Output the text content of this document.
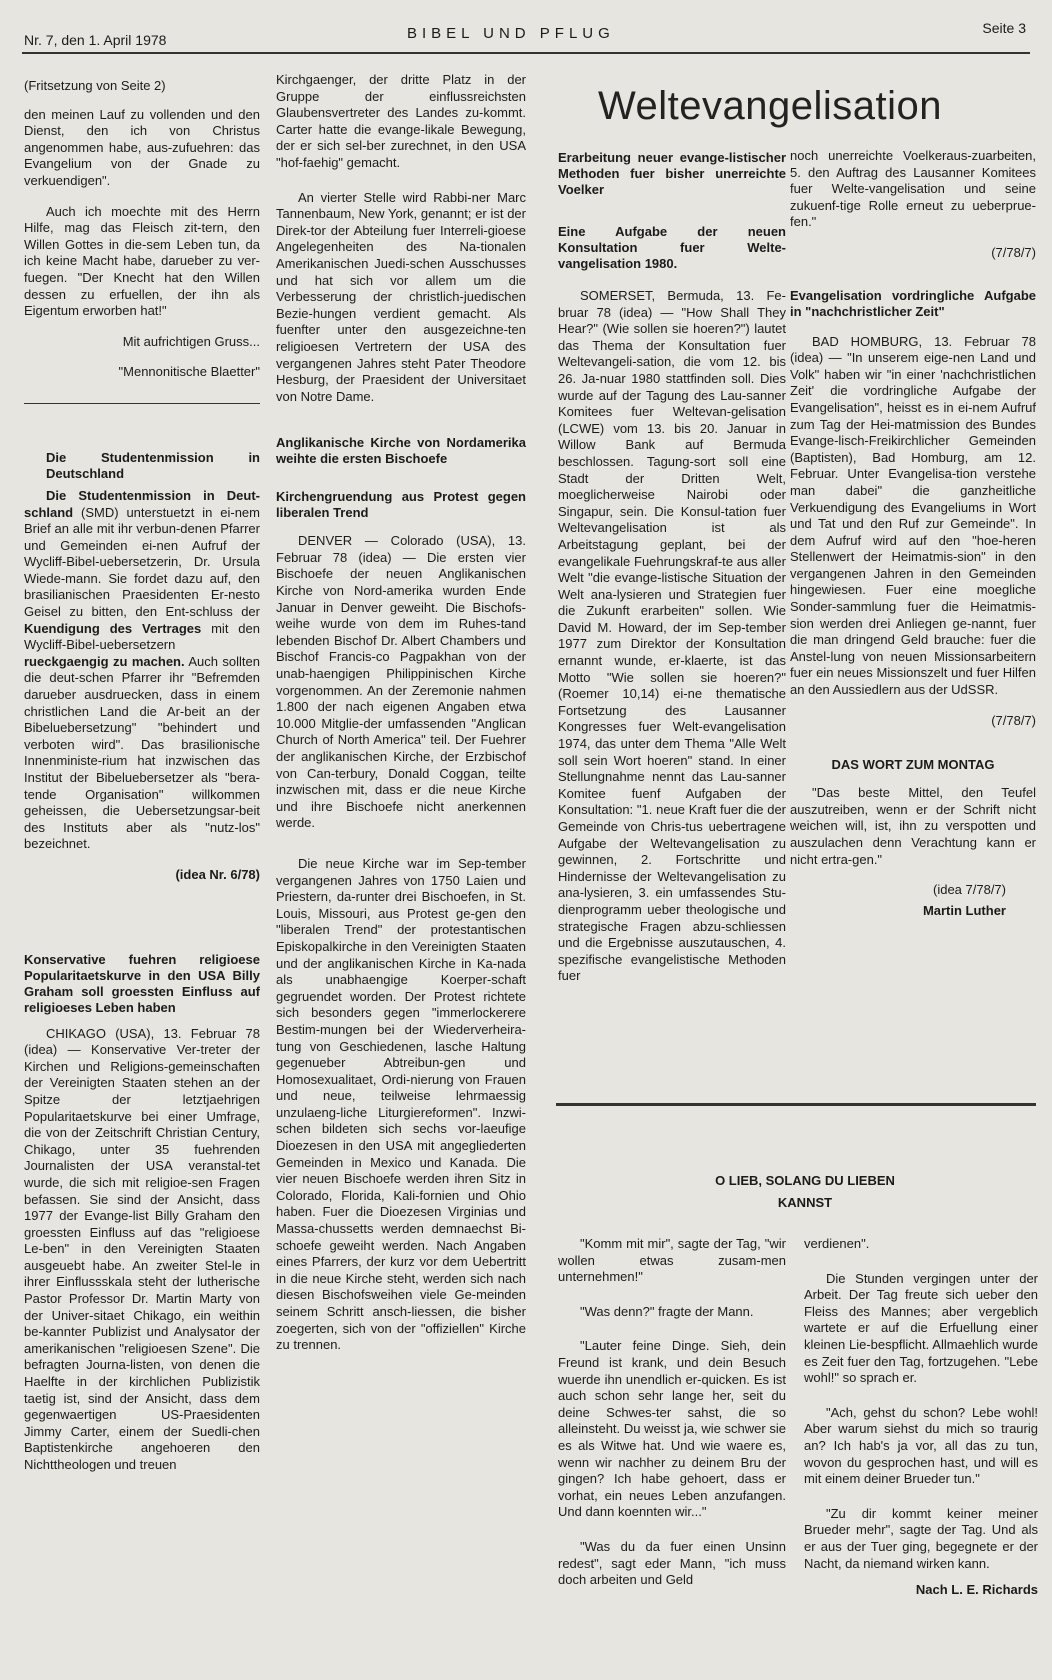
Nr. 7, den 1. April 1978	BIBEL UND PFLUG	Seite 3

(Fritsetzung von Seite 2)

den meinen Lauf zu vollenden und den Dienst, den ich von Christus angenommen habe, aus-zufuehren: das Evangelium von der Gnade zu verkuendigen".

Auch ich moechte mit des Herrn Hilfe, mag das Fleisch zit-tern, den Willen Gottes in die-sem Leben tun, da ich keine Macht habe, darueber zu ver-fuegen. "Der Knecht hat den Willen dessen zu erfuellen, der ihn als Eigentum erworben hat!"

Mit aufrichtigen Gruss...

"Mennonitische Blaetter"

Die Studentenmission in Deutschland

Die Studentenmission in Deut-schland (SMD) unterstuetzt in ei-nem Brief an alle mit ihr verbun-denen Pfarrer und Gemeinden ei-nen Aufruf der Wycliff-Bibel-uebersetzerin, Dr. Ursula Wiede-mann. Sie fordet dazu auf, den brasilianischen Praesidenten Er-nesto Geisel zu bitten, den Ent-schluss der Kuendigung des Vertrages mit den Wycliff-Bibel-uebersetzern rueckgaengig zu machen. Auch sollten die deut-schen Pfarrer ihr "Befremden darueber ausdruecken, dass in einem christlichen Land die Ar-beit an der Bibeluebersetzung" "behindert und verboten wird". Das brasilionische Innenministe-rium hat inzwischen das Institut der Bibeluebersetzer als "bera-tende Organisation" willkommen geheissen, die Uebersetzungsar-beit des Instituts aber als "nutz-los" bezeichnet.

(idea Nr. 6/78)

Konservative fuehren religioese Popularitaetskurve in den USA Billy Graham soll groessten Einfluss auf religioeses Leben haben

CHIKAGO (USA), 13. Februar 78 (idea) — Konservative Ver-treter der Kirchen und Religions-gemeinschaften der Vereinigten Staaten stehen an der Spitze der letztjaehrigen Popularitaetskurve bei einer Umfrage, die von der Zeitschrift Christian Century, Chikago, unter 35 fuehrenden Journalisten der USA veranstal-tet wurde, die sich mit religioe-sen Fragen befassen. Sie sind der Ansicht, dass 1977 der Evange-list Billy Graham den groessten Einfluss auf das "religioese Le-ben" in den Vereinigten Staaten ausgeuebt habe. An zweiter Stel-le in ihrer Einflussskala steht der lutherische Pastor Professor Dr. Martin Marty von der Univer-sitaet Chikago, ein weithin be-kannter Publizist und Analysator der amerikanischen "religioesen Szene". Die befragten Journa-listen, von denen die Haelfte in der kirchlichen Publizistik taetig ist, sind der Ansicht, dass dem gegenwaertigen US-Praesidenten Jimmy Carter, einem der Suedli-chen Baptistenkirche angehoeren den Nichttheologen und treuen

Kirchgaenger, der dritte Platz in der Gruppe der einflussreichsten Glaubensvertreter des Landes zu-kommt. Carter hatte die evange-likale Bewegung, der er sich sel-ber zurechnet, in den USA "hof-faehig" gemacht.

An vierter Stelle wird Rabbi-ner Marc Tannenbaum, New York, genannt; er ist der Direk-tor der Abteilung fuer Interreli-gioese Angelegenheiten des Na-tionalen Amerikanischen Juedi-schen Ausschusses und hat sich vor allem um die Verbesserung der christlich-juedischen Bezie-hungen verdient gemacht. Als fuenfter unter den ausgezeichne-ten religioesen Vertretern der USA des vergangenen Jahres steht Pater Theodore Hesburg, der Praesident der Universitaet von Notre Dame.

Anglikanische Kirche von Nordamerika weihte die ersten Bischoefe
Kirchengruendung aus Protest gegen liberalen Trend

DENVER — Colorado (USA), 13. Februar 78 (idea) — Die ersten vier Bischoefe der neuen Anglikanischen Kirche von Nord-amerika wurden Ende Januar in Denver geweiht. Die Bischofs-weihe wurde von dem im Ruhes-tand lebenden Bischof Dr. Albert Chambers und Bischof Francis-co Pagpakhan von der unab-haengigen Philippinischen Kirche vorgenommen. An der Zeremonie nahmen 1.800 der nach eigenen Angaben etwa 10.000 Mitglie-der umfassenden "Anglican Church of North America" teil. Der Fuehrer der anglikanischen Kirche, der Erzbischof von Can-terbury, Donald Coggan, teilte inzwischen mit, dass er die neue Kirche und ihre Bischoefe nicht anerkennen werde.

Die neue Kirche war im Sep-tember vergangenen Jahres von 1750 Laien und Priestern, da-runter drei Bischoefen, in St. Louis, Missouri, aus Protest ge-gen den "liberalen Trend" der protestantischen Episkopalkirche in den Vereinigten Staaten und der anglikanischen Kirche in Ka-nada als unabhaengige Koerper-schaft gegruendet worden. Der Protest richtete sich besonders gegen "immerlockerere Bestim-mungen bei der Wiederverheira-tung von Geschiedenen, lasche Haltung gegenueber Abtreibun-gen und Homosexualitaet, Ordi-nierung von Frauen und neue, teilweise lehrmaessig unzulaeng-liche Liturgiereformen". Inzwi-schen bildeten sich sechs vor-laeufige Dioezesen in den USA mit angegliederten Gemeinden in Mexico und Kanada. Die vier neuen Bischoefe werden ihren Sitz in Colorado, Florida, Kali-fornien und Ohio haben. Fuer die Dioezesen Virginias und Massa-chussetts werden demnaechst Bi-schoefe geweiht werden. Nach Angaben eines Pfarrers, der kurz vor dem Uebertritt in die neue Kirche steht, werden sich nach diesen Bischofsweihen viele Ge-meinden seinem Schritt ansch-liessen, die bisher zoegerten, sich von der "offiziellen" Kirche zu trennen.

Weltevangelisation
Erarbeitung neuer evange-listischer Methoden fuer bisher unerreichte Voelker
Eine Aufgabe der neuen Konsultation fuer Welte-vangelisation 1980.

SOMERSET, Bermuda, 13. Fe-bruar 78 (idea) — "How Shall They Hear?" (Wie sollen sie hoeren?") lautet das Thema der Konsultation fuer Weltevangeli-sation, die vom 12. bis 26. Ja-nuar 1980 stattfinden soll. Dies wurde auf der Tagung des Lau-sanner Komitees fuer Weltevan-gelisation (LCWE) vom 13. bis 20. Januar in Willow Bank auf Bermuda beschlossen. Tagung-sort soll eine Stadt der Dritten Welt, moeglicherweise Nairobi oder Singapur, sein. Die Konsul-tation fuer Weltevangelisation ist als Arbeitstagung geplant, bei der evangelikale Fuehrungskraf-te aus aller Welt "die evange-listische Situation der Welt ana-lysieren und Strategien fuer die Zukunft erarbeiten" sollen. Wie David M. Howard, der im Sep-tember 1977 zum Direktor der Konsultation ernannt wunde, er-klaerte, ist das Motto "Wie sollen sie hoeren?" (Roemer 10,14) ei-ne thematische Fortsetzung des Lausanner Kongresses fuer Welt-evangelisation 1974, das unter dem Thema "Alle Welt soll sein Wort hoeren" stand. In einer Stellungnahme nennt das Lau-sanner Komitee fuenf Aufgaben der Konsultation: "1. neue Kraft fuer die der Gemeinde von Chris-tus uebertragene Aufgabe der Weltevangelisation zu gewinnen, 2. Fortschritte und Hindernisse der Weltevangelisation zu ana-lysieren, 3. ein umfassendes Stu-dienprogramm ueber theologische und strategische Fragen abzu-schliessen und die Ergebnisse auszutauschen, 4. spezifische evangelistische Methoden fuer

noch unerreichte Voelkeraus-zuarbeiten, 5. den Auftrag des Lausanner Komitees fuer Welte-vangelisation und seine zukuenf-tige Rolle erneut zu ueberprue-fen."

(7/78/7)

Evangelisation vordringliche Aufgabe in "nachchristlicher Zeit"

BAD HOMBURG, 13. Februar 78 (idea) — "In unserem eige-nen Land und Volk" haben wir "in einer 'nachchristlichen Zeit' die vordringliche Aufgabe der Evangelisation", heisst es in ei-nem Aufruf zum Tag der Hei-matmission des Bundes Evange-lisch-Freikirchlicher Gemeinden (Baptisten), Bad Homburg, am 12. Februar. Unter Evangelisa-tion verstehe man dabei" die ganzheitliche Verkuendigung des Evangeliums in Wort und Tat und den Ruf zur Gemeinde". In dem Aufruf wird auf den "hoe-heren Stellenwert der Heimatmis-sion" in den vergangenen Jahren in den Gemeinden hingewiesen. Fuer eine moegliche Sonder-sammlung fuer die Heimatmis-sion werden drei Anliegen ge-nannt, fuer die man dringend Geld brauche: fuer die Anstel-lung von neuen Missionsarbeitern fuer ein neues Missionszelt und fuer Hilfen an den Aussiedlern aus der UdSSR.

(7/78/7)

DAS WORT ZUM MONTAG

"Das beste Mittel, den Teufel auszutreiben, wenn er der Schrift nicht weichen will, ist, ihn zu verspotten und auszulachen denn Verachtung kann er nicht ertra-gen."

(idea 7/78/7)

Martin Luther

O LIEB, SOLANG DU LIEBEN KANNST

"Komm mit mir", sagte der Tag, "wir wollen etwas zusam-men unternehmen!"

"Was denn?" fragte der Mann.

"Lauter feine Dinge. Sieh, dein Freund ist krank, und dein Besuch wuerde ihn unendlich er-quicken. Es ist auch schon sehr lange her, seit du deine Schwes-ter sahst, die so alleinsteht. Du weisst ja, wie schwer sie es als Witwe hat. Und wie waere es, wenn wir nachher zu deinem Bru der gingen? Ich habe gehoert, dass er vorhat, ein neues Leben anzufangen. Und dann koennten wir..."

"Was du da fuer einen Unsinn redest", sagt eder Mann, "ich muss doch arbeiten und Geld

verdienen".

Die Stunden vergingen unter der Arbeit. Der Tag freute sich ueber den Fleiss des Mannes; aber vergeblich wartete er auf die Erfuellung einer kleinen Lie-bespflicht. Allmaehlich wurde es Zeit fuer den Tag, fortzugehen. "Lebe wohl!" so sprach er.

"Ach, gehst du schon? Lebe wohl! Aber warum siehst du mich so traurig an? Ich hab's ja vor, all das zu tun, wovon du gesprochen hast, und will es mit einem deiner Brueder tun."

"Zu dir kommt keiner meiner Brueder mehr", sagte der Tag. Und als er aus der Tuer ging, begegnete er der Nacht, da niemand wirken kann.

Nach L. E. Richards
